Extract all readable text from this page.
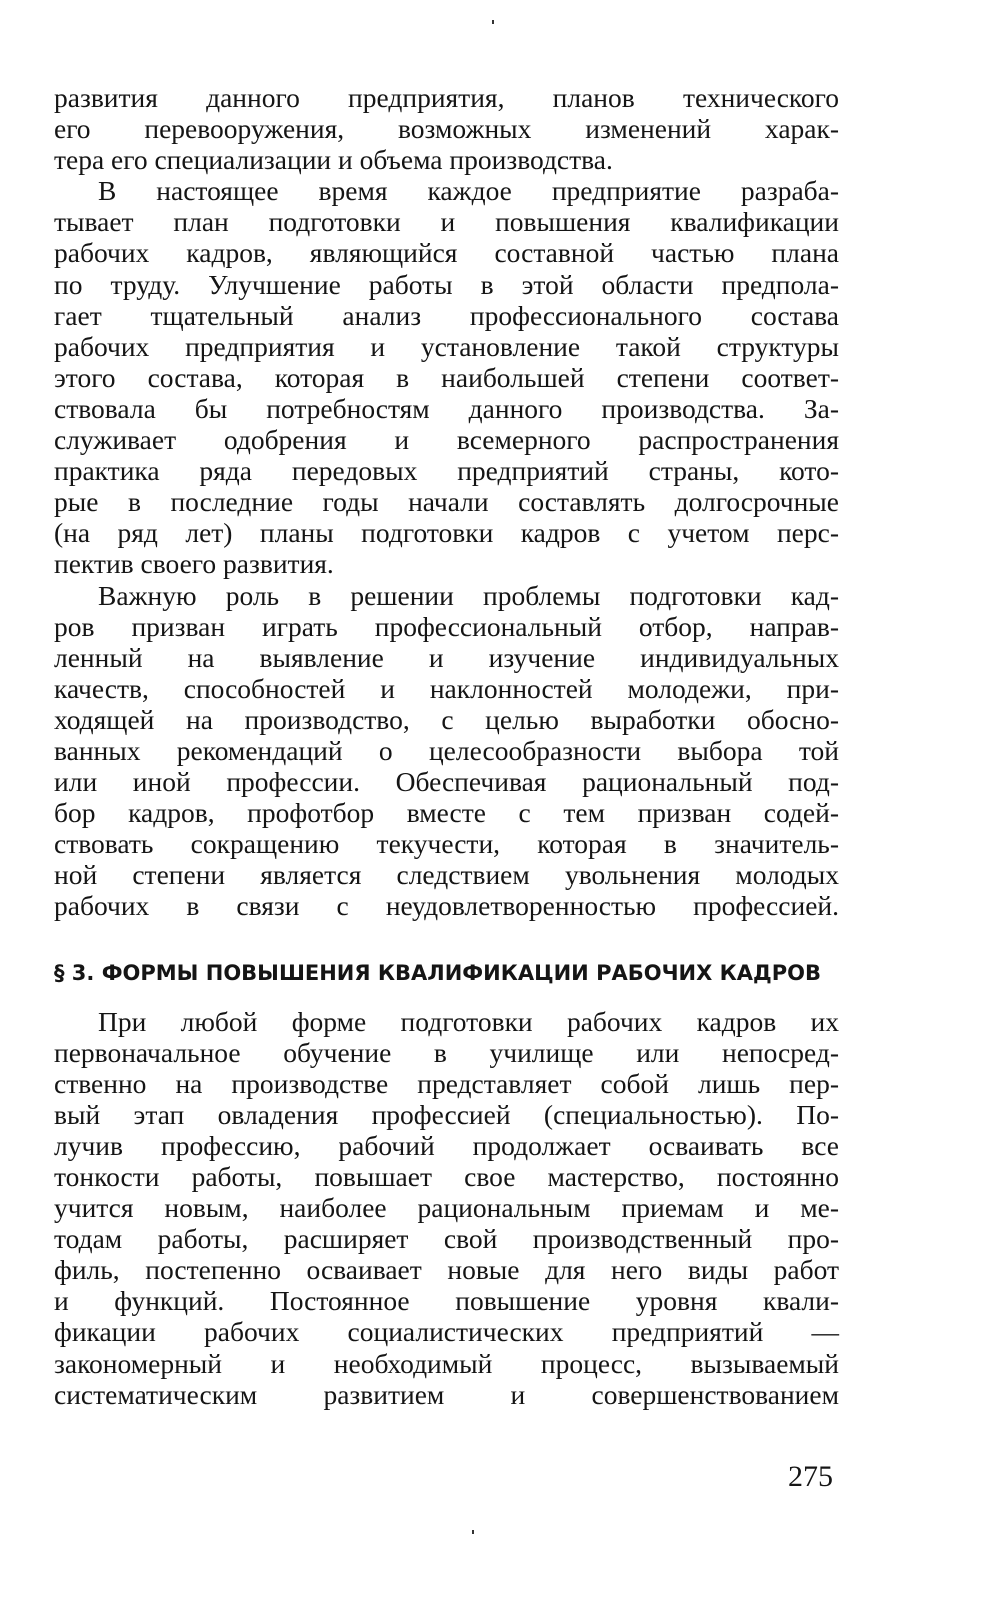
развития данного предприятия, планов технического
его перевооружения, возможных изменений харак-
тера его специализации и объема производства.

В настоящее время каждое предприятие разраба-
тывает план подготовки и повышения квалификации
рабочих кадров, являющийся составной частью плана
по труду. Улучшение работы в этой области предпола-
гает тщательный анализ профессионального состава
рабочих предприятия и установление такой структуры
этого состава, которая в наибольшей степени соответ-
ствовала бы потребностям данного производства. За-
служивает одобрения и всемерного распространения
практика ряда передовых предприятий страны, кото-
рые в последние годы начали составлять долгосрочные
(на ряд лет) планы подготовки кадров с учетом перс-
пектив своего развития.

Важную роль в решении проблемы подготовки кад-
ров призван играть профессиональный отбор, направ-
ленный на выявление и изучение индивидуальных
качеств, способностей и наклонностей молодежи, при-
ходящей на производство, с целью выработки обосно-
ванных рекомендаций о целесообразности выбора той
или иной профессии. Обеспечивая рациональный под-
бор кадров, профотбор вместе с тем призван содей-
ствовать сокращению текучести, которая в значитель-
ной степени является следствием увольнения молодых
рабочих в связи с неудовлетворенностью профессией.

§ 3. ФОРМЫ ПОВЫШЕНИЯ КВАЛИФИКАЦИИ РАБОЧИХ КАДРОВ

При любой форме подготовки рабочих кадров их
первоначальное обучение в училище или непосред-
ственно на производстве представляет собой лишь пер-
вый этап овладения профессией (специальностью). По-
лучив профессию, рабочий продолжает осваивать все
тонкости работы, повышает свое мастерство, постоянно
учится новым, наиболее рациональным приемам и ме-
тодам работы, расширяет свой производственный про-
филь, постепенно осваивает новые для него виды работ
и функций. Постоянное повышение уровня квали-
фикации рабочих социалистических предприятий —
закономерный и необходимый процесс, вызываемый
систематическим развитием и совершенствованием

275
